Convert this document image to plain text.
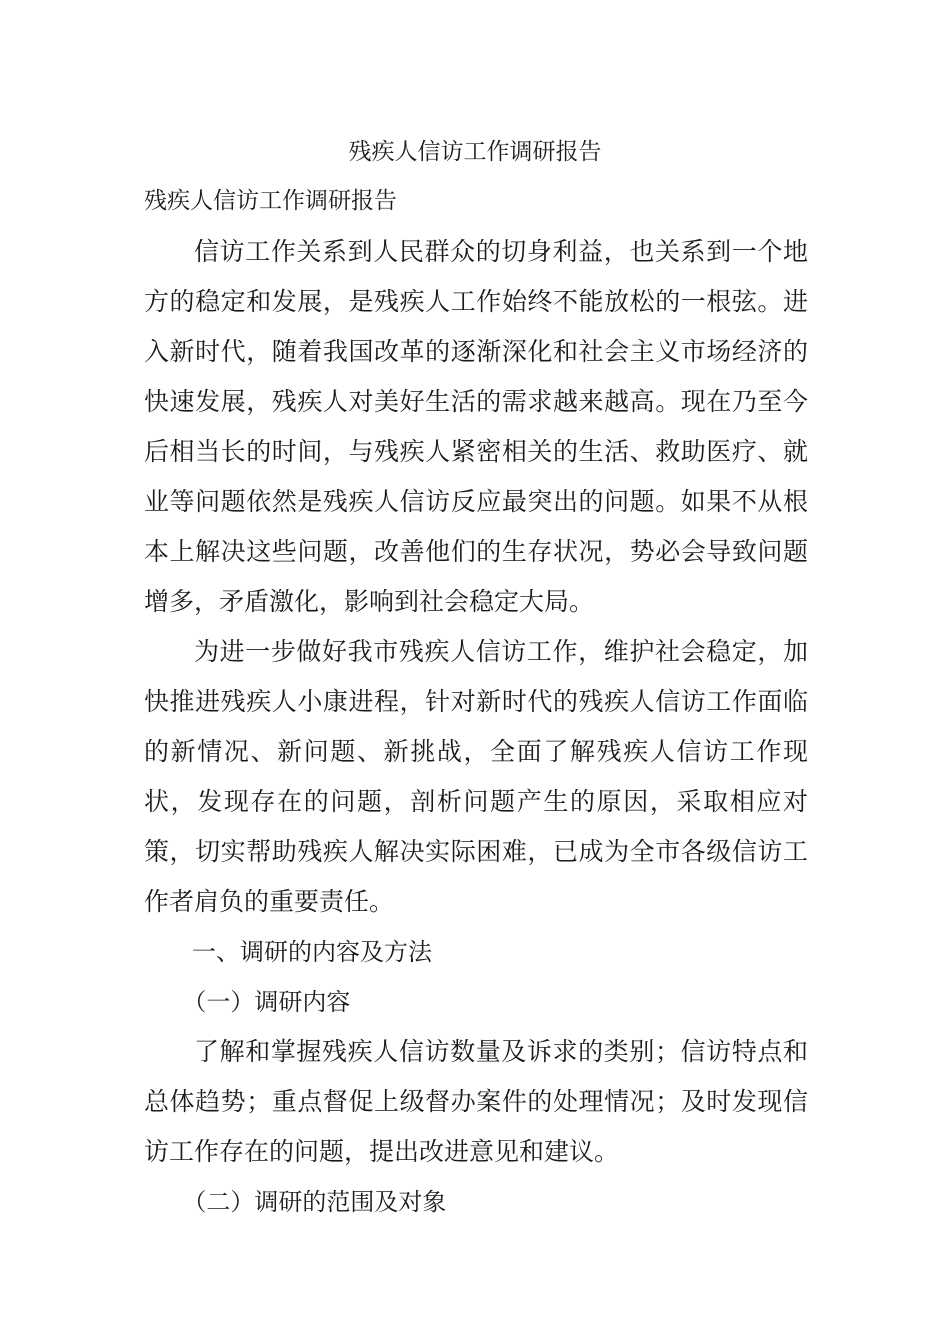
残疾人信访工作调研报告

残疾人信访工作调研报告

信访工作关系到人民群众的切身利益，也关系到一个地方的稳定和发展，是残疾人工作始终不能放松的一根弦。进入新时代，随着我国改革的逐渐深化和社会主义市场经济的快速发展，残疾人对美好生活的需求越来越高。现在乃至今后相当长的时间，与残疾人紧密相关的生活、救助医疗、就业等问题依然是残疾人信访反应最突出的问题。如果不从根本上解决这些问题，改善他们的生存状况，势必会导致问题增多，矛盾激化，影响到社会稳定大局。

为进一步做好我市残疾人信访工作，维护社会稳定，加快推进残疾人小康进程，针对新时代的残疾人信访工作面临的新情况、新问题、新挑战，全面了解残疾人信访工作现状，发现存在的问题，剖析问题产生的原因，采取相应对策，切实帮助残疾人解决实际困难，已成为全市各级信访工作者肩负的重要责任。

一、调研的内容及方法

（一）调研内容

了解和掌握残疾人信访数量及诉求的类别；信访特点和总体趋势；重点督促上级督办案件的处理情况；及时发现信访工作存在的问题，提出改进意见和建议。

（二）调研的范围及对象
